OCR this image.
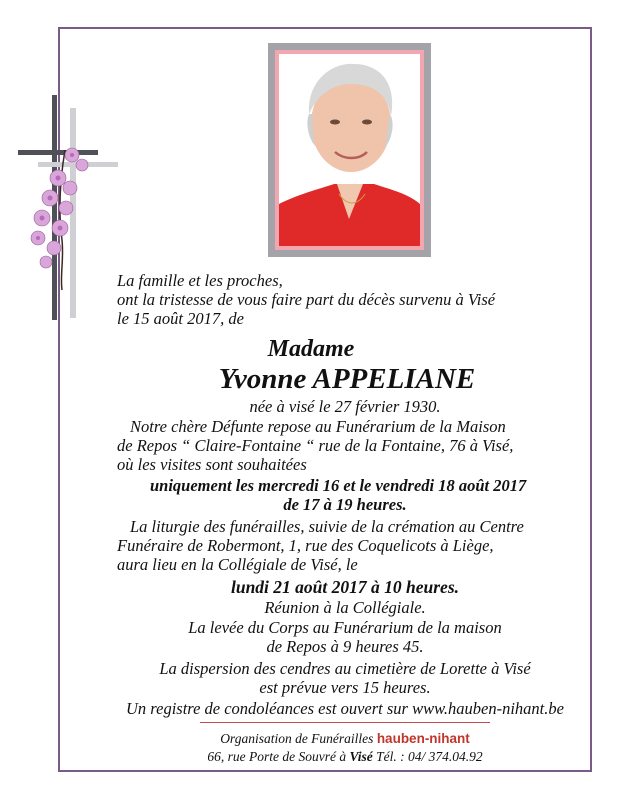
La famille et les proches,
ont la tristesse de vous faire part du décès survenu à Visé
le 15 août 2017, de
Madame
Yvonne APPELIANE
née à visé le 27 février 1930.
Notre chère Défunte repose au Funérarium de la Maison
de Repos “ Claire-Fontaine “ rue de la Fontaine, 76 à Visé,
où les visites sont souhaitées
uniquement les mercredi 16 et le vendredi 18 août 2017
de 17 à 19 heures.
La liturgie des funérailles, suivie de la crémation au Centre
Funéraire de Robermont, 1, rue des Coquelicots à Liège,
aura lieu en la Collégiale de Visé, le
lundi 21 août 2017 à 10 heures.
Réunion à la Collégiale.
La levée du Corps au Funérarium de la maison
de Repos à 9 heures 45.
La dispersion des cendres au cimetière de Lorette à Visé
est prévue vers 15 heures.
Un registre de condoléances est ouvert sur www.hauben-nihant.be
Organisation de Funérailles hauben-nihant
66, rue Porte de Souvré à Visé Tél. : 04/ 374.04.92
